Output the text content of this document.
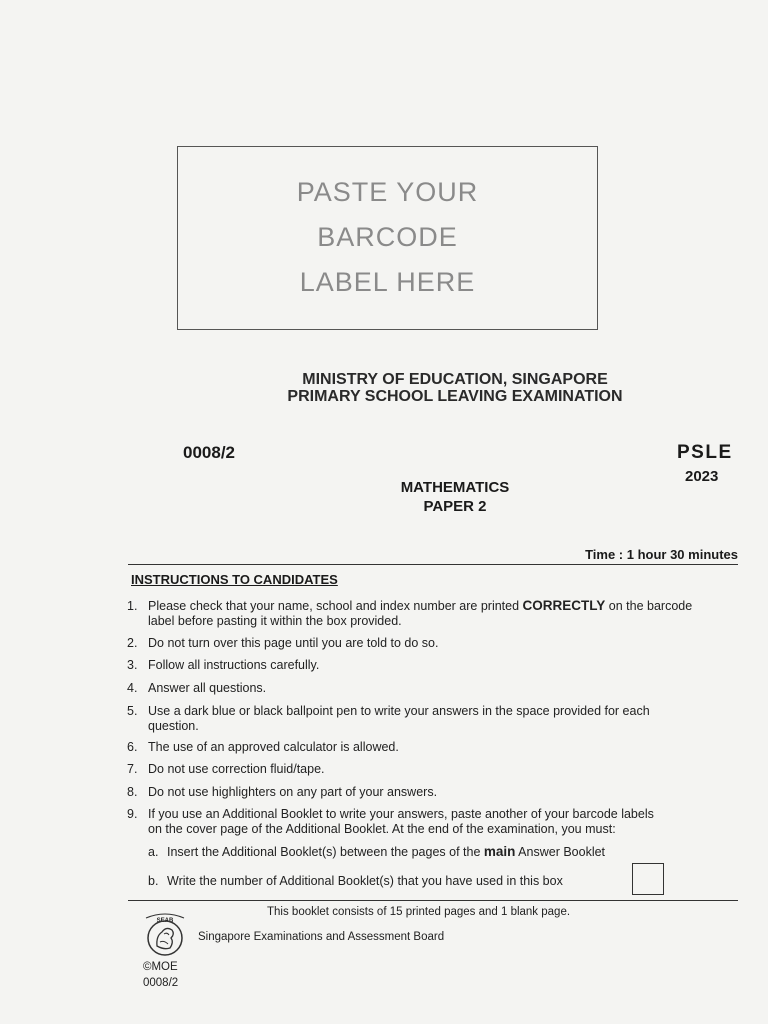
PASTE YOUR
BARCODE
LABEL HERE
MINISTRY OF EDUCATION, SINGAPORE
PRIMARY SCHOOL LEAVING EXAMINATION
0008/2	PSLE
2023
MATHEMATICS
PAPER 2
Time : 1 hour 30 minutes
INSTRUCTIONS TO CANDIDATES
1. Please check that your name, school and index number are printed CORRECTLY on the barcode
label before pasting it within the box provided.
2. Do not turn over this page until you are told to do so.
3. Follow all instructions carefully.
4. Answer all questions.
5. Use a dark blue or black ballpoint pen to write your answers in the space provided for each
question.
6. The use of an approved calculator is allowed.
7. Do not use correction fluid/tape.
8. Do not use highlighters on any part of your answers.
9. If you use an Additional Booklet to write your answers, paste another of your barcode labels
on the cover page of the Additional Booklet. At the end of the examination, you must:
a. Insert the Additional Booklet(s) between the pages of the main Answer Booklet
b. Write the number of Additional Booklet(s) that you have used in this box
This booklet consists of 15 printed pages and 1 blank page.
SEAB
Singapore Examinations and Assessment Board
©MOE
0008/2
